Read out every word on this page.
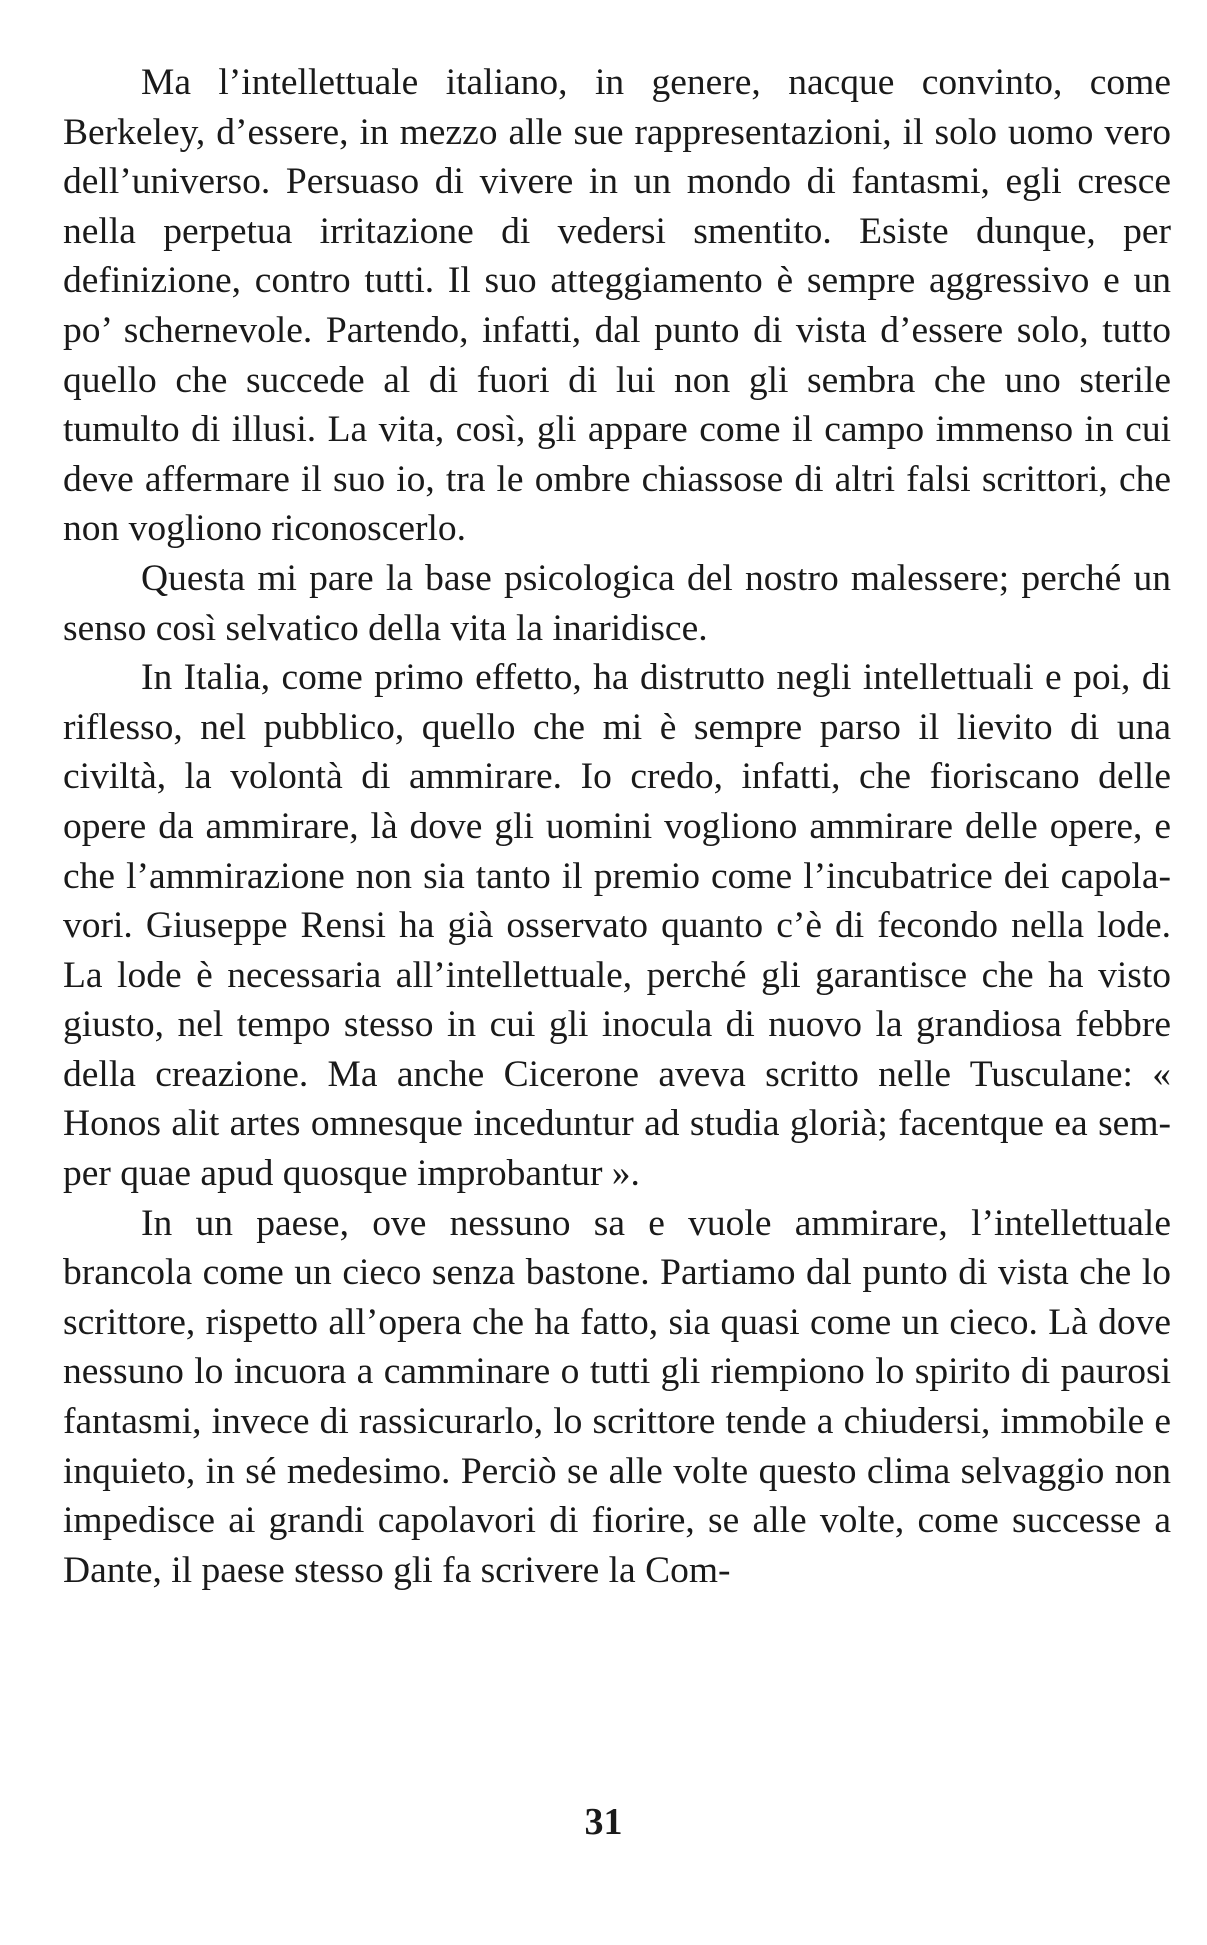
Ma l’intellettuale italiano, in genere, nacque convinto, come Berkeley, d’essere, in mezzo alle sue rappresentazioni, il solo uomo vero dell’universo. Persuaso di vivere in un mondo di fantasmi, egli cresce nella perpetua irritazione di vedersi smentito. Esiste dunque, per definizione, contro tutti. Il suo atteggiamento è sempre aggressivo e un po’ schernevole. Partendo, infatti, dal punto di vista d’essere solo, tutto quello che succede al di fuori di lui non gli sembra che uno sterile tumulto di illusi. La vita, così, gli appare come il campo immenso in cui deve affermare il suo io, tra le ombre chiassose di altri falsi scrittori, che non vogliono riconoscerlo.

Questa mi pare la base psicologica del nostro malessere; perché un senso così selvatico della vita la inaridisce.

In Italia, come primo effetto, ha distrutto negli intellettuali e poi, di riflesso, nel pubblico, quello che mi è sempre parso il lievito di una civiltà, la volontà di ammirare. Io credo, infatti, che fioriscano delle opere da ammirare, là dove gli uomini vogliono ammirare delle opere, e che l’ammirazione non sia tanto il premio come l’incubatrice dei capolavori. Giuseppe Rensi ha già osservato quanto c’è di fecondo nella lode. La lode è necessaria all’intellettuale, perché gli garantisce che ha visto giusto, nel tempo stesso in cui gli inocula di nuovo la grandiosa febbre della creazione. Ma anche Cicerone aveva scritto nelle Tusculane: « Honos alit artes omnesque inceduntur ad studia glorià; facentque ea semper quae apud quosque improbantur ».

In un paese, ove nessuno sa e vuole ammirare, l’intellettuale brancola come un cieco senza bastone. Partiamo dal punto di vista che lo scrittore, rispetto all’opera che ha fatto, sia quasi come un cieco. Là dove nessuno lo incuora a camminare o tutti gli riempiono lo spirito di paurosi fantasmi, invece di rassicurarlo, lo scrittore tende a chiudersi, immobile e inquieto, in sé medesimo. Perciò se alle volte questo clima selvaggio non impedisce ai grandi capolavori di fiorire, se alle volte, come successe a Dante, il paese stesso gli fa scrivere la Com-

31
